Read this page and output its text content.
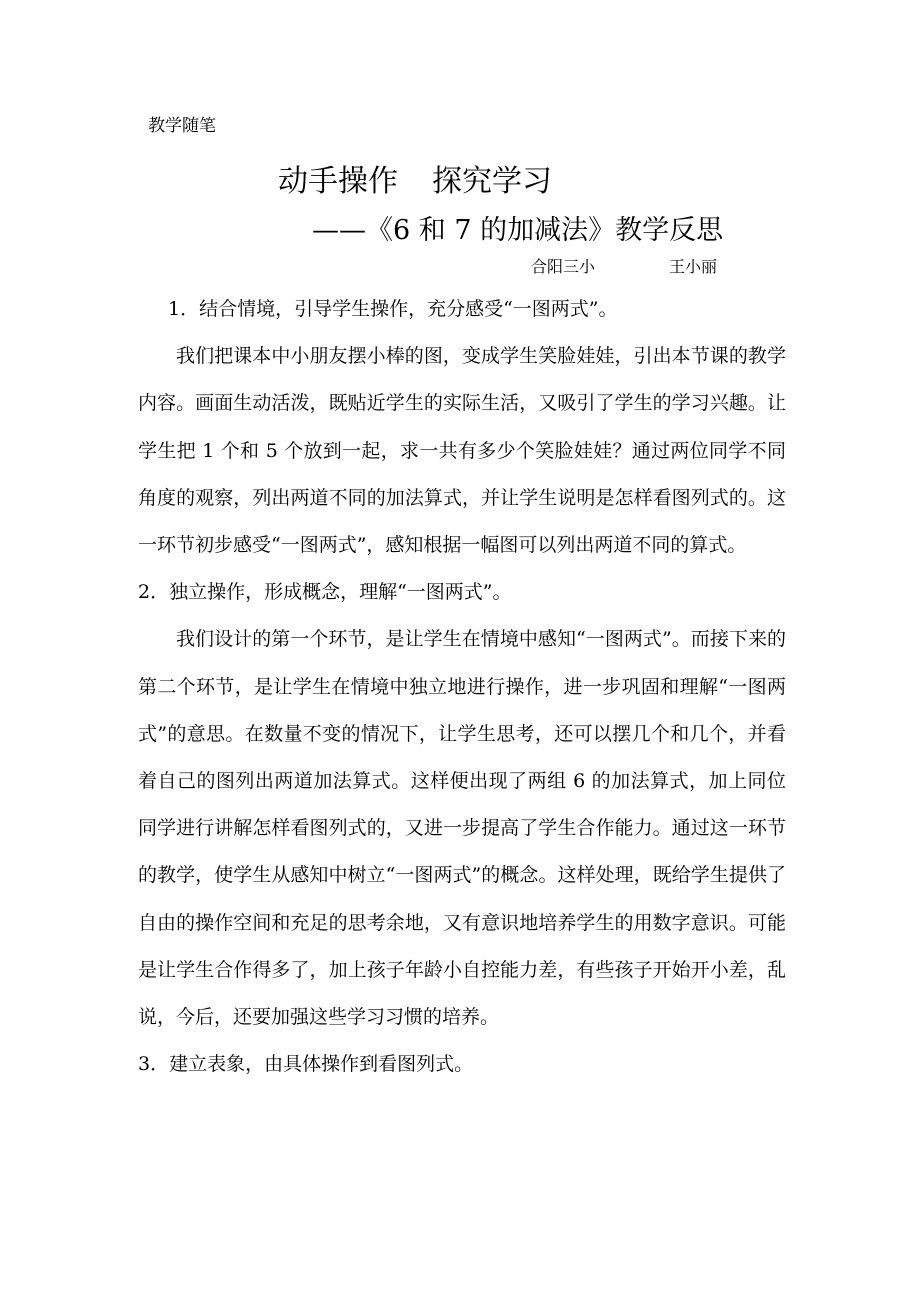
教学随笔
动手操作 探究学习
——《6 和 7 的加减法》教学反思
合阳三小	王小丽

1．结合情境，引导学生操作，充分感受“一图两式”。

我们把课本中小朋友摆小棒的图，变成学生笑脸娃娃，引出本节课的教学内容。画面生动活泼，既贴近学生的实际生活，又吸引了学生的学习兴趣。让学生把 1 个和 5 个放到一起，求一共有多少个笑脸娃娃？通过两位同学不同角度的观察，列出两道不同的加法算式，并让学生说明是怎样看图列式的。这一环节初步感受“一图两式”，感知根据一幅图可以列出两道不同的算式。

2．独立操作，形成概念，理解“一图两式”。

我们设计的第一个环节，是让学生在情境中感知“一图两式”。而接下来的第二个环节，是让学生在情境中独立地进行操作，进一步巩固和理解“一图两式”的意思。在数量不变的情况下，让学生思考，还可以摆几个和几个，并看着自己的图列出两道加法算式。这样便出现了两组 6 的加法算式，加上同位同学进行讲解怎样看图列式的，又进一步提高了学生合作能力。通过这一环节的教学，使学生从感知中树立“一图两式”的概念。这样处理，既给学生提供了自由的操作空间和充足的思考余地，又有意识地培养学生的用数字意识。可能是让学生合作得多了，加上孩子年龄小自控能力差，有些孩子开始开小差，乱说，今后，还要加强这些学习习惯的培养。

3．建立表象，由具体操作到看图列式。
